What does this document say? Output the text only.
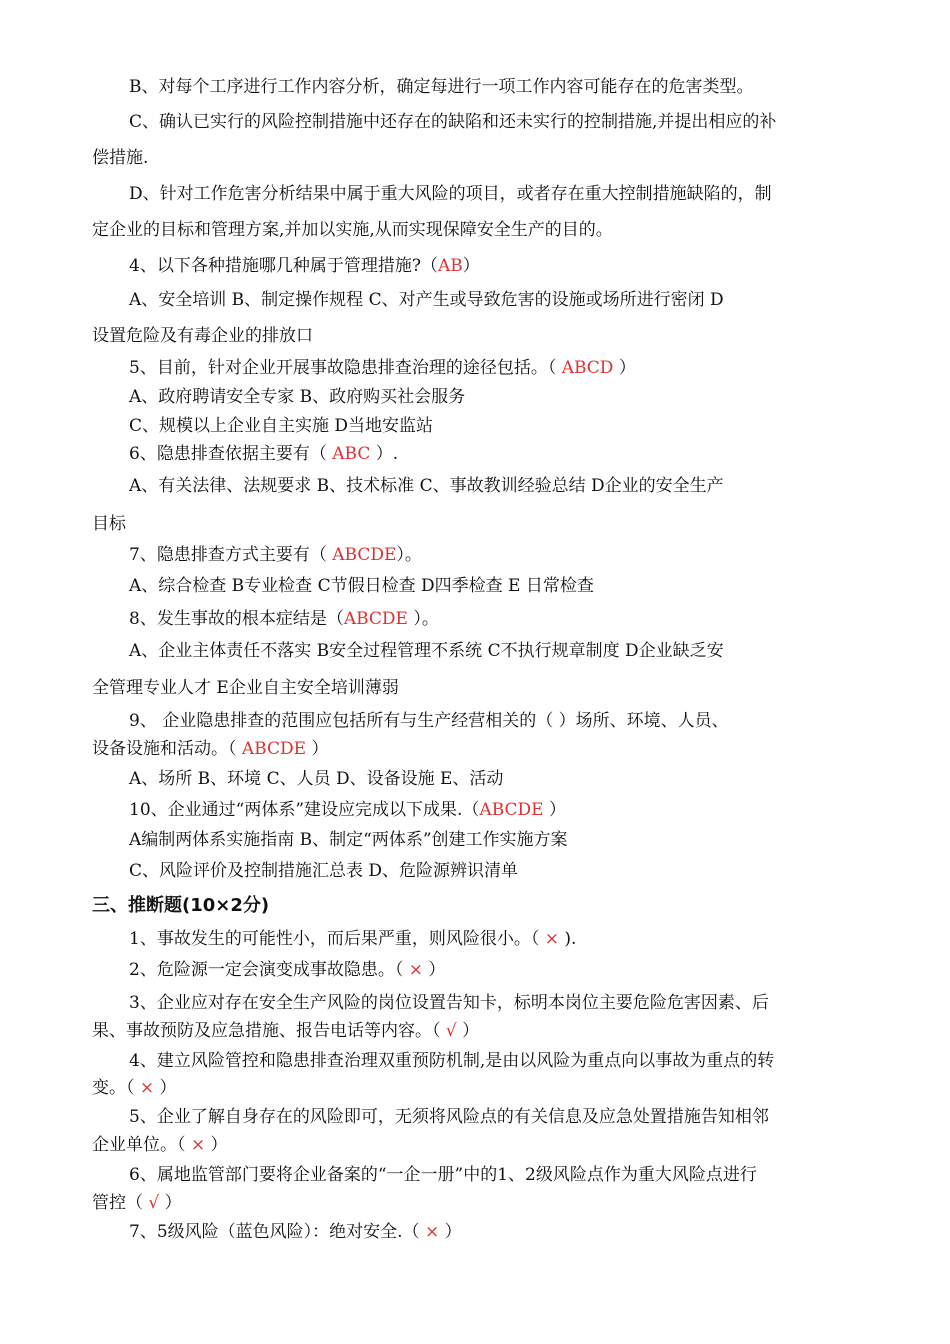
B、对每个工序进行工作内容分析，确定每进行一项工作内容可能存在的危害类型。
C、确认已实行的风险控制措施中还存在的缺陷和还未实行的控制措施,并提出相应的补
偿措施.
D、针对工作危害分析结果中属于重大风险的项目，或者存在重大控制措施缺陷的，制
定企业的目标和管理方案,并加以实施,从而实现保障安全生产的目的。
4、以下各种措施哪几种属于管理措施?（AB）
A、安全培训 B、制定操作规程 C、对产生或导致危害的设施或场所进行密闭 D
设置危险及有毒企业的排放口
5、目前，针对企业开展事故隐患排查治理的途径包括。（ ABCD ）
A、政府聘请安全专家 B、政府购买社会服务
C、规模以上企业自主实施 D当地安监站
6、隐患排查依据主要有（ ABC ）.
A、有关法律、法规要求 B、技术标准 C、事故教训经验总结 D企业的安全生产
目标
7、隐患排查方式主要有（ ABCDE）。
A、综合检查 B专业检查 C节假日检查 D四季检查 E 日常检查
8、发生事故的根本症结是（ABCDE ）。
A、企业主体责任不落实 B安全过程管理不系统 C不执行规章制度 D企业缺乏安
全管理专业人才 E企业自主安全培训薄弱
9、 企业隐患排查的范围应包括所有与生产经营相关的（ ）场所、环境、人员、
设备设施和活动。（ ABCDE ）
A、场所 B、环境 C、人员 D、设备设施 E、活动
10、企业通过“两体系”建设应完成以下成果.（ABCDE ）
A编制两体系实施指南 B、制定“两体系”创建工作实施方案
C、风险评价及控制措施汇总表 D、危险源辨识清单
三、推断题(10×2分)
1、事故发生的可能性小，而后果严重，则风险很小。（ × ).
2、危险源一定会演变成事故隐患。（ × ）
3、企业应对存在安全生产风险的岗位设置告知卡，标明本岗位主要危险危害因素、后
果、事故预防及应急措施、报告电话等内容。（ √ ）
4、建立风险管控和隐患排查治理双重预防机制,是由以风险为重点向以事故为重点的转
变。（ × ）
5、企业了解自身存在的风险即可，无须将风险点的有关信息及应急处置措施告知相邻
企业单位。（ × ）
6、属地监管部门要将企业备案的“一企一册”中的1、2级风险点作为重大风险点进行
管控（ √ ）
7、5级风险（蓝色风险）：绝对安全.（ × ）
